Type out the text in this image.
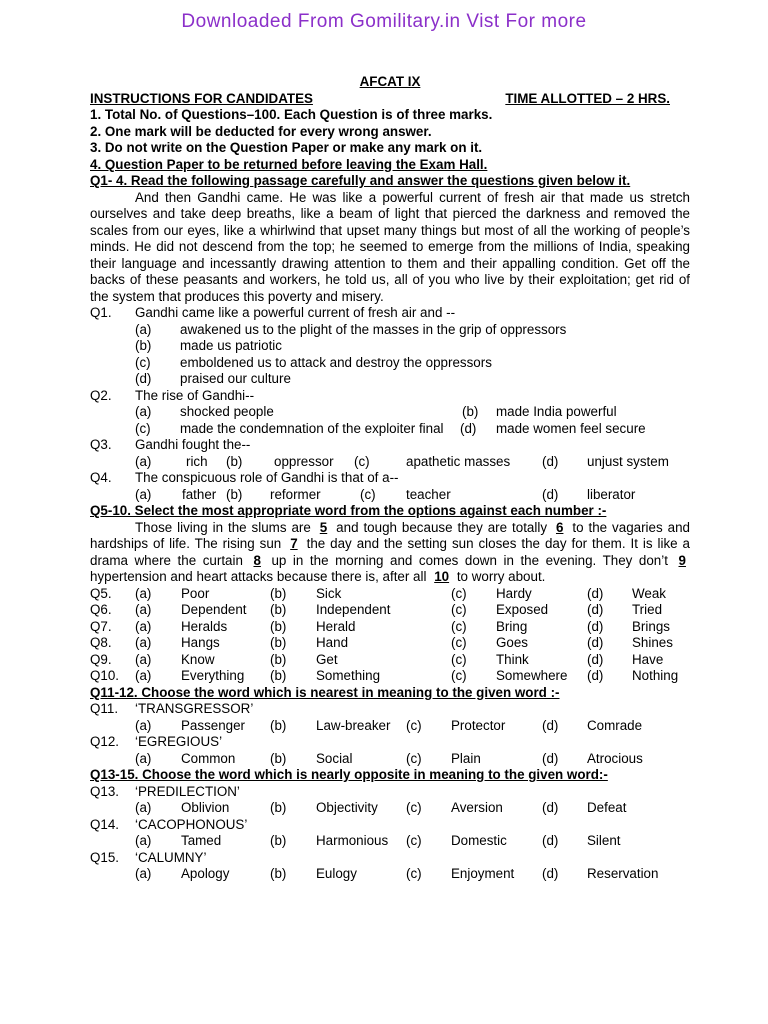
Downloaded From Gomilitary.in Vist For more
AFCAT IX
INSTRUCTIONS FOR CANDIDATES	TIME ALLOTTED – 2 HRS.
1. Total No. of Questions–100. Each Question is of three marks.
2. One mark will be deducted for every wrong answer.
3. Do not write on the Question Paper or make any mark on it.
4. Question Paper to be returned before leaving the Exam Hall.
Q1- 4. Read the following passage carefully and answer the questions given below it.
And then Gandhi came. He was like a powerful current of fresh air that made us stretch ourselves and take deep breaths, like a beam of light that pierced the darkness and removed the scales from our eyes, like a whirlwind that upset many things but most of all the working of people’s minds. He did not descend from the top; he seemed to emerge from the millions of India, speaking their language and incessantly drawing attention to them and their appalling condition. Get off the backs of these peasants and workers, he told us, all of you who live by their exploitation; get rid of the system that produces this poverty and misery.
Q1. Gandhi came like a powerful current of fresh air and --
(a) awakened us to the plight of the masses in the grip of oppressors
(b) made us patriotic
(c) emboldened us to attack and destroy the oppressors
(d) praised our culture
Q2. The rise of Gandhi--
(a) shocked people	(b) made India powerful
(c) made the condemnation of the exploiter final (d) made women feel secure
Q3. Gandhi fought the--
(a)	rich (b) oppressor (c)	apathetic masses (d) unjust system
Q4. The conspicuous role of Gandhi is that of a--
(a) father (b) reformer	(c) teacher	(d) liberator
Q5-10. Select the most appropriate word from the options against each number :-
Those living in the slums are 5 and tough because they are totally 6 to the vagaries and hardships of life. The rising sun 7 the day and the setting sun closes the day for them. It is like a drama where the curtain 8 up in the morning and comes down in the evening. They don’t 9 hypertension and heart attacks because there is, after all 10 to worry about.
Q5. (a) Poor	(b) Sick	(c) Hardy	(d) Weak
Q6. (a) Dependent (b) Independent	(c) Exposed	(d) Tried
Q7. (a) Heralds	(b) Herald	(c) Bring	(d) Brings
Q8. (a) Hangs	(b) Hand	(c) Goes	(d) Shines
Q9. (a) Know	(b) Get	(c) Think	(d) Have
Q10. (a) Everything (b) Something	(c) Somewhere (d) Nothing
Q11-12. Choose the word which is nearest in meaning to the given word :-
Q11. ‘TRANSGRESSOR’
(a) Passenger (b) Law-breaker (c) Protector	(d) Comrade
Q12. ‘EGREGIOUS’
(a) Common	(b) Social	(c) Plain	(d) Atrocious
Q13-15. Choose the word which is nearly opposite in meaning to the given word:-
Q13. ‘PREDILECTION’
(a) Oblivion	(b) Objectivity (c) Aversion	(d) Defeat
Q14. ‘CACOPHONOUS’
(a) Tamed	(b) Harmonious (c) Domestic	(d) Silent
Q15. ‘CALUMNY’
(a) Apology	(b) Eulogy	(c) Enjoyment (d) Reservation
